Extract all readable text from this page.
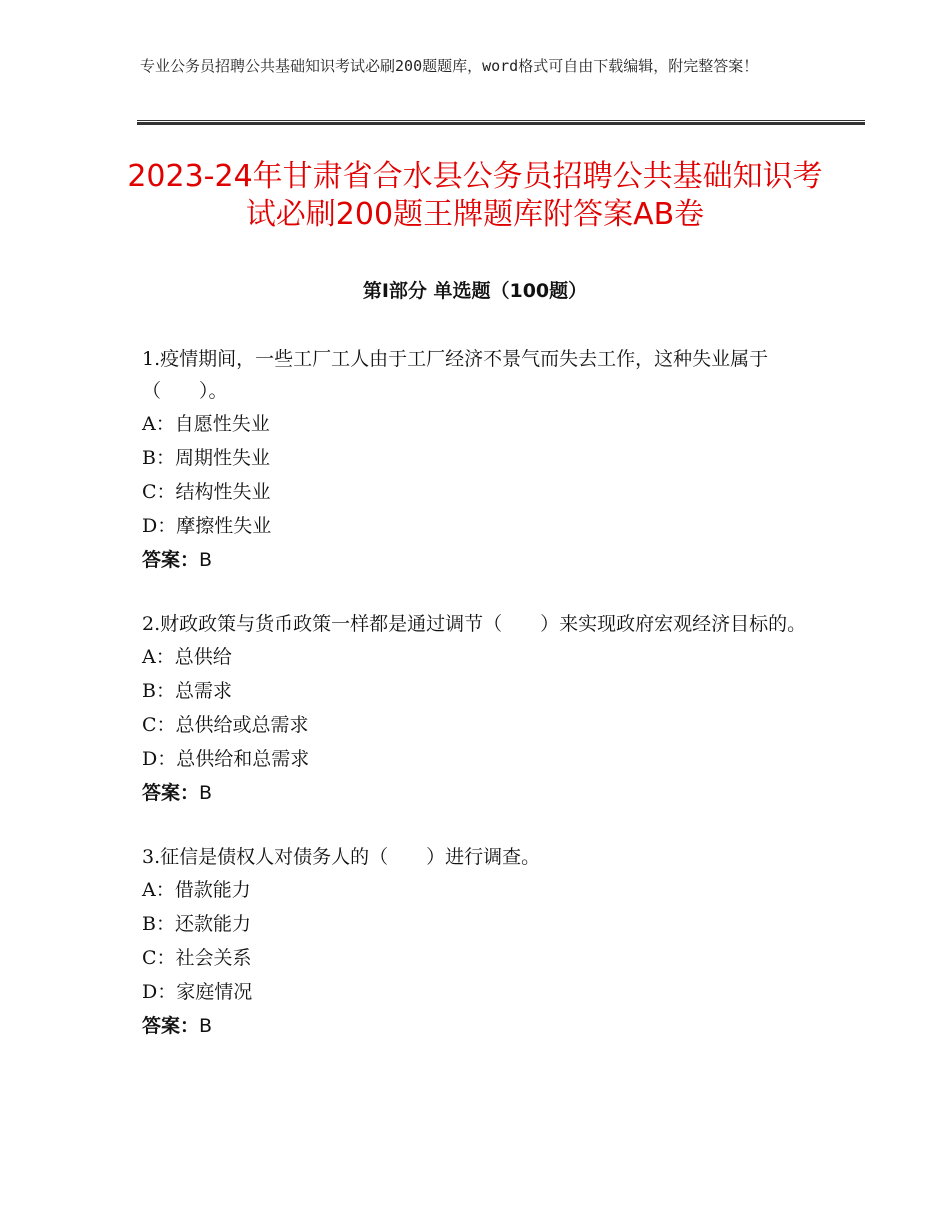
专业公务员招聘公共基础知识考试必刷200题题库，word格式可自由下载编辑，附完整答案！
2023-24年甘肃省合水县公务员招聘公共基础知识考试必刷200题王牌题库附答案AB卷
第Ⅰ部分 单选题（100题）
1.疫情期间，一些工厂工人由于工厂经济不景气而失去工作，这种失业属于（　　）。
A：自愿性失业
B：周期性失业
C：结构性失业
D：摩擦性失业
答案：B
2.财政政策与货币政策一样都是通过调节（　　）来实现政府宏观经济目标的。
A：总供给
B：总需求
C：总供给或总需求
D：总供给和总需求
答案：B
3.征信是债权人对债务人的（　　）进行调查。
A：借款能力
B：还款能力
C：社会关系
D：家庭情况
答案：B
